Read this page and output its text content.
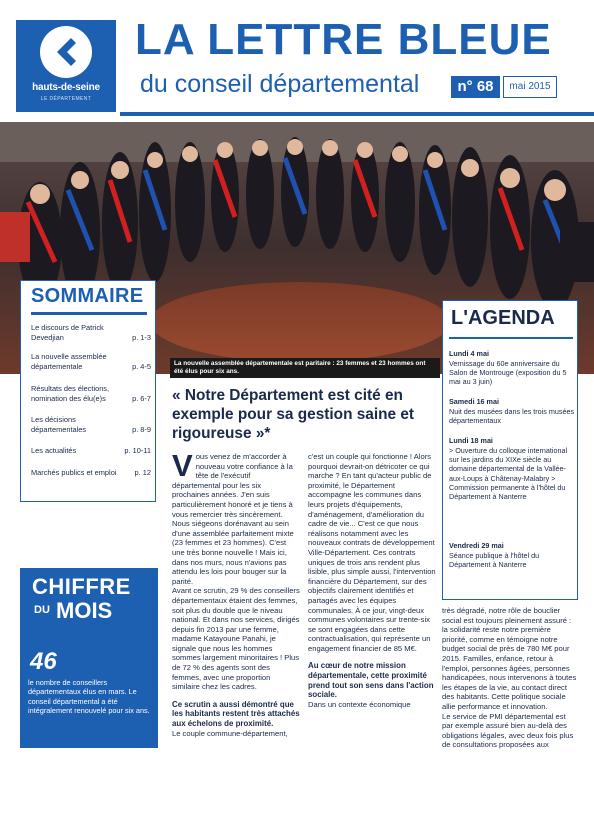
hauts-de-seine
LE DÉPARTEMENT
LA LETTRE BLEUE
du conseil départemental	n° 68	mai 2015
La nouvelle assemblée départementale est paritaire : 23 femmes et 23 hommes ont été élus pour six ans.
SOMMAIRE
Le discours de Patrick Devedjian	p. 1-3
La nouvelle assemblée départementale	p. 4-5
Résultats des élections, nomination des élu(e)s	p. 6-7
Les décisions départementales	p. 8-9
Les actualités	p. 10-11
Marchés publics et emploi	p. 12
CHIFFRE
DU MOIS
46
le nombre de conseillers départementaux élus en mars. Le conseil départemental a été intégralement renouvelé pour six ans.
L'AGENDA
Lundi 4 mai
Vernissage du 60e anniversaire du Salon de Montrouge (exposition du 5 mai au 3 juin)
Samedi 16 mai
Nuit des musées dans les trois musées départementaux
Lundi 18 mai
> Ouverture du colloque international sur les jardins du XIXe siècle au domaine départemental de la Vallée-aux-Loups à Châtenay-Malabry > Commission permanente à l'hôtel du Département à Nanterre
Vendredi 29 mai
Séance publique à l'hôtel du Département à Nanterre
« Notre Département est cité en exemple pour sa gestion saine et rigoureuse »*
V ous venez de m'accorder à nouveau votre confiance à la tête de l'exécutif départemental pour les six prochaines années. J'en suis particulièrement honoré et je tiens à vous remercier très sincèrement. Nous siégeons dorénavant au sein d'une assemblée parfaitement mixte (23 femmes et 23 hommes). C'est une très bonne nouvelle ! Mais ici, dans nos murs, nous n'avions pas attendu les lois pour bouger sur la parité.

Avant ce scrutin, 29 % des conseillers départementaux étaient des femmes, soit plus du double que le niveau national. Et dans nos services, dirigés depuis fin 2013 par une femme, madame Katayoune Panahi, je signale que nous les hommes sommes largement minoritaires ! Plus de 72 % des agents sont des femmes, avec une proportion similaire chez les cadres.

Ce scrutin a aussi démontré que les habitants restent très attachés aux échelons de proximité.

Le couple commune-département,

c'est un couple qui fonctionne ! Alors pourquoi devrait-on détricoter ce qui marche ? En tant qu'acteur public de proximité, le Département accompagne les communes dans leurs projets d'équipements, d'aménagement, d'amélioration du cadre de vie... C'est ce que nous réalisons notamment avec les nouveaux contrats de développement Ville-Département. Ces contrats uniques de trois ans rendent plus lisible, plus simple aussi, l'intervention financière du Département, sur des objectifs clairement identifiés et partagés avec les équipes communales. À ce jour, vingt-deux communes volontaires sur trente-six se sont engagées dans cette contractualisation, qui représente un engagement financier de 85 M€.

Au cœur de notre mission départementale, cette proximité prend tout son sens dans l'action sociale.

Dans un contexte économique

très dégradé, notre rôle de bouclier social est toujours pleinement assuré : la solidarité reste notre première priorité, comme en témoigne notre budget social de près de 780 M€ pour 2015. Familles, enfance, retour à l'emploi, personnes âgées, personnes handicapées, nous intervenons à toutes les étapes de la vie, au contact direct des habitants. Cette politique sociale allie performance et innovation.

Le service de PMI départemental est par exemple assuré bien au-delà des obligations légales, avec deux fois plus de consultations proposées aux
